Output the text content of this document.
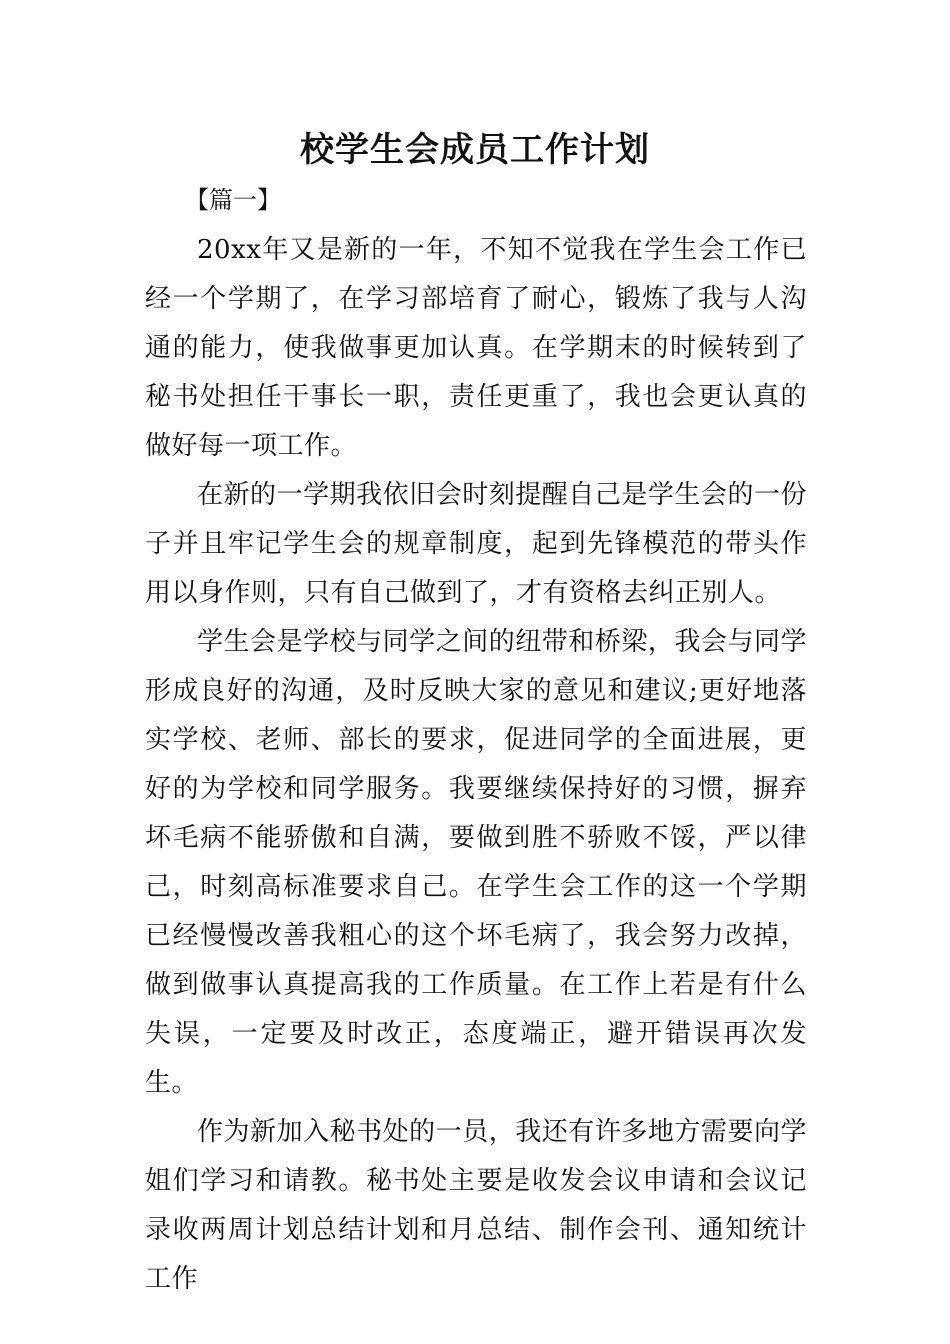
校学生会成员工作计划
【篇一】

20xx年又是新的一年，不知不觉我在学生会工作已经一个学期了，在学习部培育了耐心，锻炼了我与人沟通的能力，使我做事更加认真。在学期末的时候转到了秘书处担任干事长一职，责任更重了，我也会更认真的做好每一项工作。

在新的一学期我依旧会时刻提醒自己是学生会的一份子并且牢记学生会的规章制度，起到先锋模范的带头作用以身作则，只有自己做到了，才有资格去纠正别人。

学生会是学校与同学之间的纽带和桥梁，我会与同学形成良好的沟通，及时反映大家的意见和建议;更好地落实学校、老师、部长的要求，促进同学的全面进展，更好的为学校和同学服务。我要继续保持好的习惯，摒弃坏毛病不能骄傲和自满，要做到胜不骄败不馁，严以律己，时刻高标准要求自己。在学生会工作的这一个学期已经慢慢改善我粗心的这个坏毛病了，我会努力改掉，做到做事认真提高我的工作质量。在工作上若是有什么失误，一定要及时改正，态度端正，避开错误再次发生。

作为新加入秘书处的一员，我还有许多地方需要向学姐们学习和请教。秘书处主要是收发会议申请和会议记录收两周计划总结计划和月总结、制作会刊、通知统计工作
